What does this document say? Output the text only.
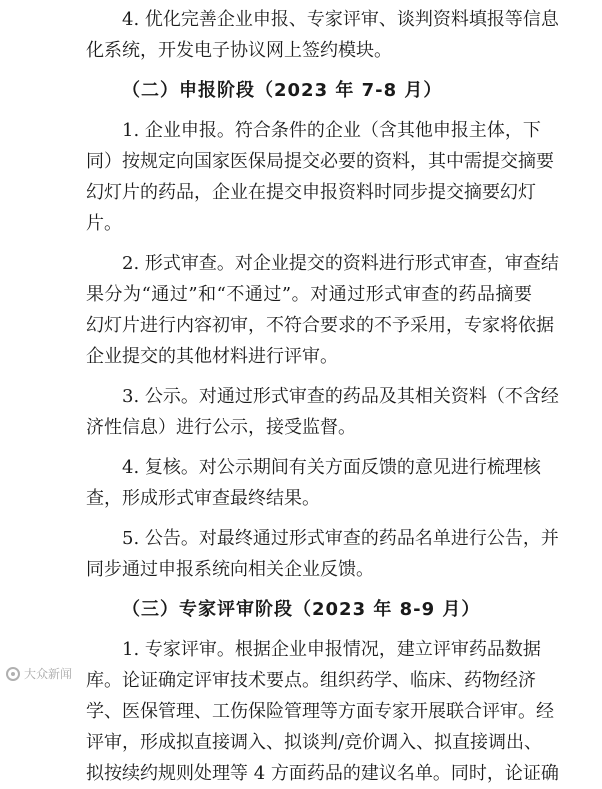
4. 优化完善企业申报、专家评审、谈判资料填报等信息
化系统，开发电子协议网上签约模块。
（二）申报阶段（2023 年 7-8 月）
1. 企业申报。符合条件的企业（含其他申报主体，下
同）按规定向国家医保局提交必要的资料，其中需提交摘要
幻灯片的药品，企业在提交申报资料时同步提交摘要幻灯
片。
2. 形式审查。对企业提交的资料进行形式审查，审查结
果分为“通过”和“不通过”。对通过形式审查的药品摘要
幻灯片进行内容初审，不符合要求的不予采用，专家将依据
企业提交的其他材料进行评审。
3. 公示。对通过形式审查的药品及其相关资料（不含经
济性信息）进行公示，接受监督。
4. 复核。对公示期间有关方面反馈的意见进行梳理核
查，形成形式审查最终结果。
5. 公告。对最终通过形式审查的药品名单进行公告，并
同步通过申报系统向相关企业反馈。
（三）专家评审阶段（2023 年 8-9 月）
1. 专家评审。根据企业申报情况，建立评审药品数据
库。论证确定评审技术要点。组织药学、临床、药物经济
学、医保管理、工伤保险管理等方面专家开展联合评审。经
评审，形成拟直接调入、拟谈判/竞价调入、拟直接调出、
拟按续约规则处理等 4 方面药品的建议名单。同时，论证确
大众新闻
